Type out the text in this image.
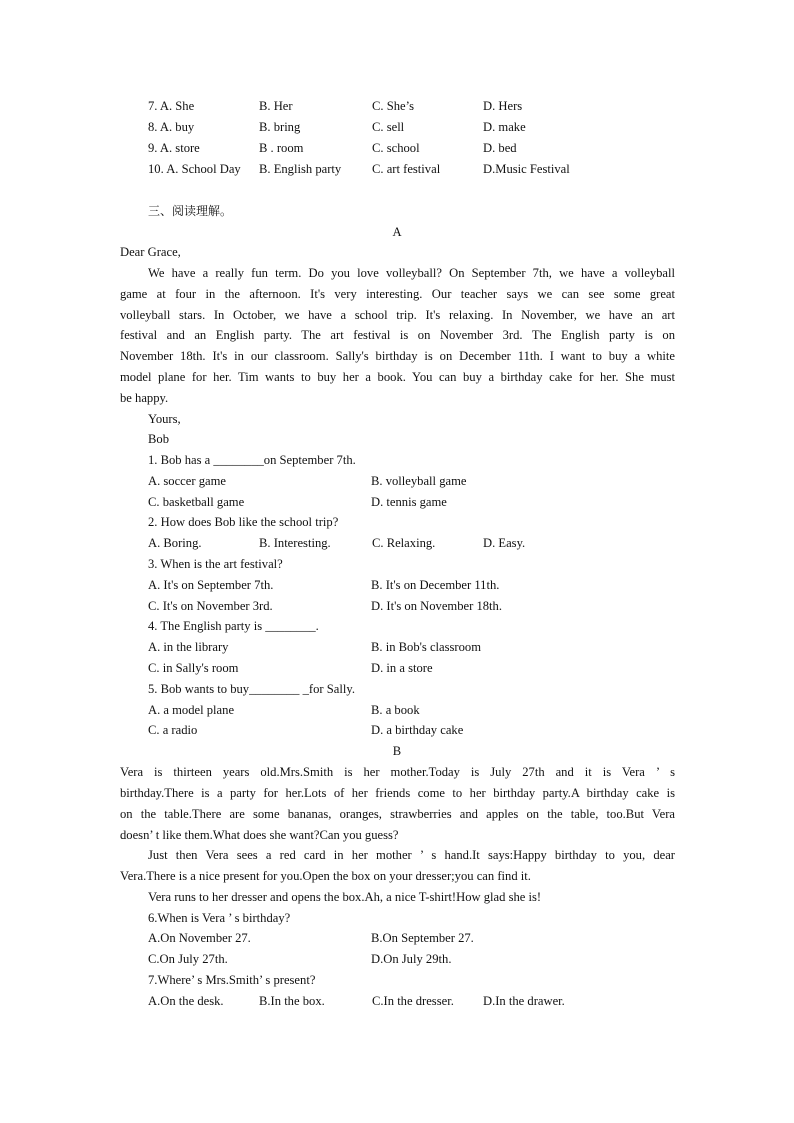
7. A. She	B. Her	C. She’s	D. Hers
8. A. buy	B. bring	C. sell	D. make
9. A. store	B . room	C. school	D. bed
10. A. School Day B. English party C. art festival	D.Music Festival
三、阅读理解。
A
Dear Grace,
We have a really fun term. Do you love volleyball? On September 7th, we have a volleyball
game at four in the afternoon. It's very interesting. Our teacher says we can see some great
volleyball stars. In October, we have a school trip. It's relaxing. In November, we have an art
festival and an English party. The art festival is on November 3rd. The English party is on
November 18th. It's in our classroom. Sally's birthday is on December 11th. I want to buy a white
model plane for her. Tim wants to buy her a book. You can buy a birthday cake for her. She must
be happy.
Yours,
Bob
1. Bob has a ________on September 7th.
A. soccer game	B. volleyball game
C. basketball game	D. tennis game
2. How does Bob like the school trip?
A. Boring.	B. Interesting.	C. Relaxing.	D. Easy.
3. When is the art festival?
A. It's on September 7th.	B. It's on December 11th.
C. It's on November 3rd.	D. It's on November 18th.
4. The English party is ________.
A. in the library	B. in Bob's classroom
C. in Sally's room	D. in a store
5. Bob wants to buy________ _for Sally.
A. a model plane	B. a book
C. a radio	D. a birthday cake
B
Vera is thirteen years old.Mrs.Smith is her mother.Today is July 27th and it is Vera ’ s
birthday.There is a party for her.Lots of her friends come to her birthday party.A birthday cake is
on the table.There are some bananas, oranges, strawberries and apples on the table, too.But Vera
doesn’ t like them.What does she want?Can you guess?
Just then Vera sees a red card in her mother ’ s hand.It says:Happy birthday to you, dear
Vera.There is a nice present for you.Open the box on your dresser;you can find it.
Vera runs to her dresser and opens the box.Ah, a nice T-shirt!How glad she is!
6.When is Vera ’ s birthday?
A.On November 27.	B.On September 27.
C.On July 27th.	D.On July 29th.
7.Where’ s Mrs.Smith’ s present?
A.On the desk.	B.In the box.	C.In the dresser. D.In the drawer.
